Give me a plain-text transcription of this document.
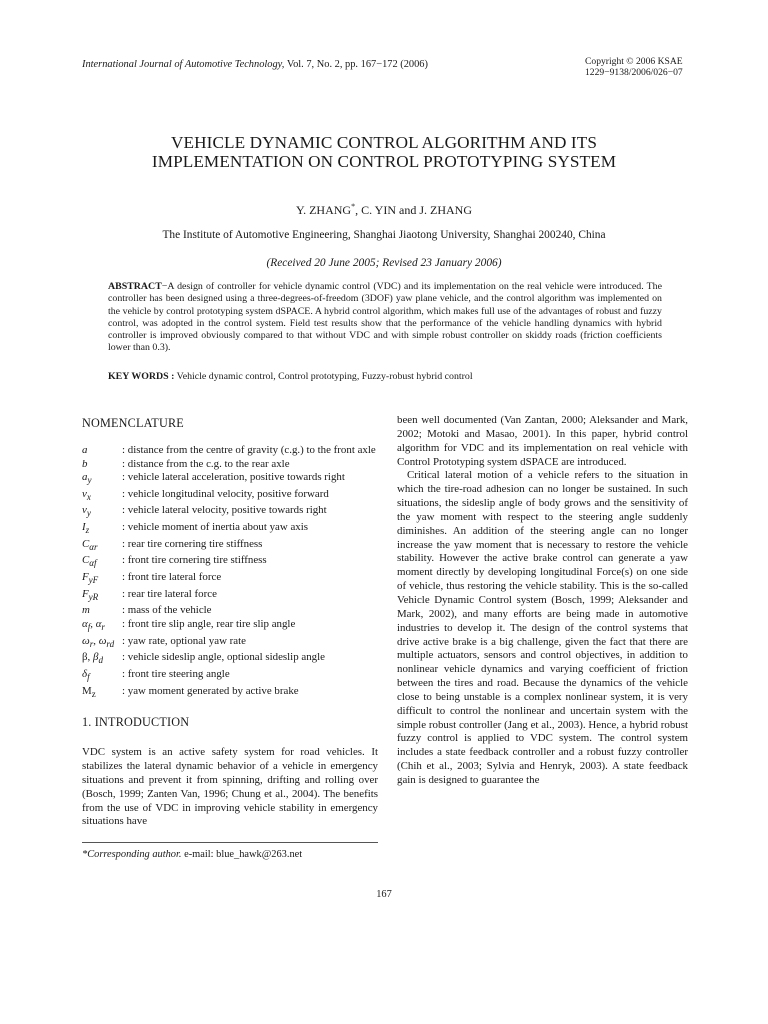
International Journal of Automotive Technology, Vol. 7, No. 2, pp. 167−172 (2006)	Copyright © 2006 KSAE
1229−9138/2006/026−07
VEHICLE DYNAMIC CONTROL ALGORITHM AND ITS
IMPLEMENTATION ON CONTROL PROTOTYPING SYSTEM
Y. ZHANG*, C. YIN and J. ZHANG
The Institute of Automotive Engineering, Shanghai Jiaotong University, Shanghai 200240, China
(Received 20 June 2005; Revised 23 January 2006)
ABSTRACT−A design of controller for vehicle dynamic control (VDC) and its implementation on the real vehicle were introduced. The controller has been designed using a three-degrees-of-freedom (3DOF) yaw plane vehicle, and the control algorithm was implemented on the vehicle by control prototyping system dSPACE. A hybrid control algorithm, which makes full use of the advantages of robust and fuzzy control, was adopted in the control system. Field test results show that the performance of the vehicle handling dynamics with hybrid controller is improved obviously compared to that without VDC and with simple robust controller on skiddy roads (friction coefficients lower than 0.3).
KEY WORDS : Vehicle dynamic control, Control prototyping, Fuzzy-robust hybrid control
NOMENCLATURE
a	: distance from the centre of gravity (c.g.) to the front axle
b	: distance from the c.g. to the rear axle
$a_y$	: vehicle lateral acceleration, positive towards right
$v_x$	: vehicle longitudinal velocity, positive forward
$v_y$	: vehicle lateral velocity, positive towards right
$I_z$	: vehicle moment of inertia about yaw axis
$C_{\alpha r}$	: rear tire cornering tire stiffness
$C_{\alpha f}$	: front tire cornering tire stiffness
$F_{yF}$	: front tire lateral force
$F_{yR}$	: rear tire lateral force
m	: mass of the vehicle
$\alpha_f$, $\alpha_r$	: front tire slip angle, rear tire slip angle
$\omega_r$, $\omega_{rd}$ : yaw rate, optional yaw rate
β, $\beta_d$	: vehicle sideslip angle, optional sideslip angle
$\delta_f$	: front tire steering angle
$M_z$	: yaw moment generated by active brake
1. INTRODUCTION
VDC system is an active safety system for road vehicles. It stabilizes the lateral dynamic behavior of a vehicle in emergency situations and prevent it from spinning, drifting and rolling over (Bosch, 1999; Zanten Van, 1996; Chung et al., 2004). The benefits from the use of VDC in improving vehicle stability in emergency situations have

been well documented (Van Zantan, 2000; Aleksander and Mark, 2002; Motoki and Masao, 2001). In this paper, hybrid control algorithm for VDC and its implementation on real vehicle with Control Prototyping system dSPACE are introduced.

Critical lateral motion of a vehicle refers to the situation in which the tire-road adhesion can no longer be sustained. In such situations, the sideslip angle of body grows and the sensitivity of the yaw moment with respect to the steering angle suddenly diminishes. An addition of the steering angle can no longer increase the yaw moment that is necessary to restore the vehicle stability. However the active brake control can generate a yaw moment directly by developing longitudinal Force(s) on one side of vehicle, thus restoring the vehicle stability. This is the so-called Vehicle Dynamic Control system (Bosch, 1999; Aleksander and Mark, 2002), and many efforts are being made in automotive industries to develop it. The design of the control systems that drive active brake is a big challenge, given the fact that there are multiple actuators, sensors and control objectives, in addition to nonlinear vehicle dynamics and varying coefficient of friction between the tires and road. Because the dynamics of the vehicle close to being unstable is a complex nonlinear system, it is very difficult to control the nonlinear and uncertain system with the simple robust controller (Jang et al., 2003). Hence, a hybrid robust fuzzy control is applied to VDC system. The control system includes a state feedback controller and a robust fuzzy controller (Chih et al., 2003; Sylvia and Henryk, 2003). A state feedback gain is designed to guarantee the

*Corresponding author. e-mail: blue_hawk@263.net
167
